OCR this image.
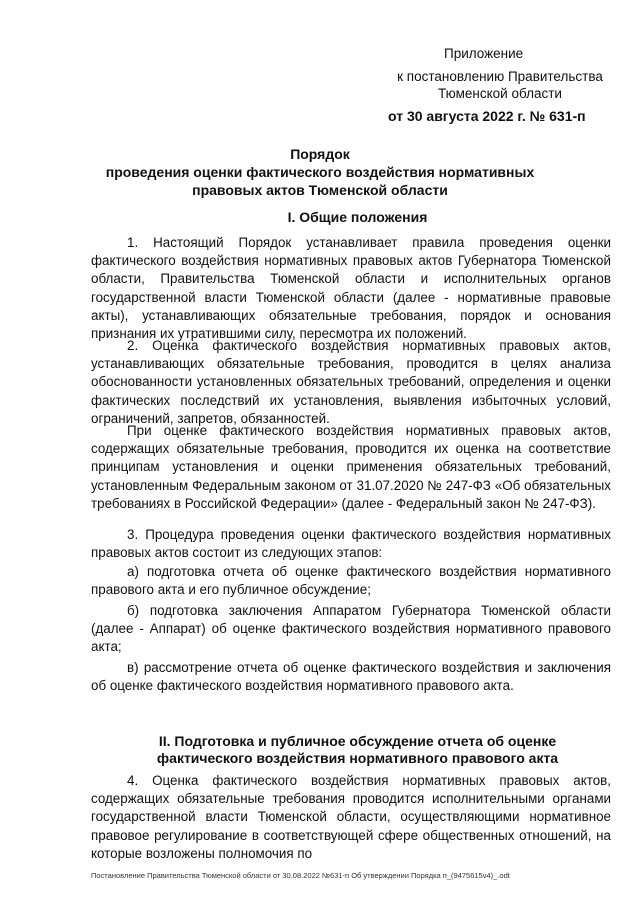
Приложение
к постановлению Правительства
Тюменской области
от 30 августа 2022 г. № 631-п
Порядок
проведения оценки фактического воздействия нормативных
правовых актов Тюменской области
I. Общие положения
1. Настоящий Порядок устанавливает правила проведения оценки фактического воздействия нормативных правовых актов Губернатора Тюменской области, Правительства Тюменской области и исполнительных органов государственной власти Тюменской области (далее - нормативные правовые акты), устанавливающих обязательные требования, порядок и основания признания их утратившими силу, пересмотра их положений.
2. Оценка фактического воздействия нормативных правовых актов, устанавливающих обязательные требования, проводится в целях анализа обоснованности установленных обязательных требований, определения и оценки фактических последствий их установления, выявления избыточных условий, ограничений, запретов, обязанностей.
При оценке фактического воздействия нормативных правовых актов, содержащих обязательные требования, проводится их оценка на соответствие принципам установления и оценки применения обязательных требований, установленным Федеральным законом от 31.07.2020 № 247-ФЗ «Об обязательных требованиях в Российской Федерации» (далее - Федеральный закон № 247-ФЗ).
3. Процедура проведения оценки фактического воздействия нормативных правовых актов состоит из следующих этапов:
а) подготовка отчета об оценке фактического воздействия нормативного правового акта и его публичное обсуждение;
б) подготовка заключения Аппаратом Губернатора Тюменской области (далее - Аппарат) об оценке фактического воздействия нормативного правового акта;
в) рассмотрение отчета об оценке фактического воздействия и заключения об оценке фактического воздействия нормативного правового акта.
II. Подготовка и публичное обсуждение отчета об оценке
фактического воздействия нормативного правового акта
4. Оценка фактического воздействия нормативных правовых актов, содержащих обязательные требования проводится исполнительными органами государственной власти Тюменской области, осуществляющими нормативное правовое регулирование в соответствующей сфере общественных отношений, на которые возложены полномочия по
Постановление Правительства Тюменской области от 30.08.2022 №631-п Об утверждении Порядка п_(9475615v4)_.odt
